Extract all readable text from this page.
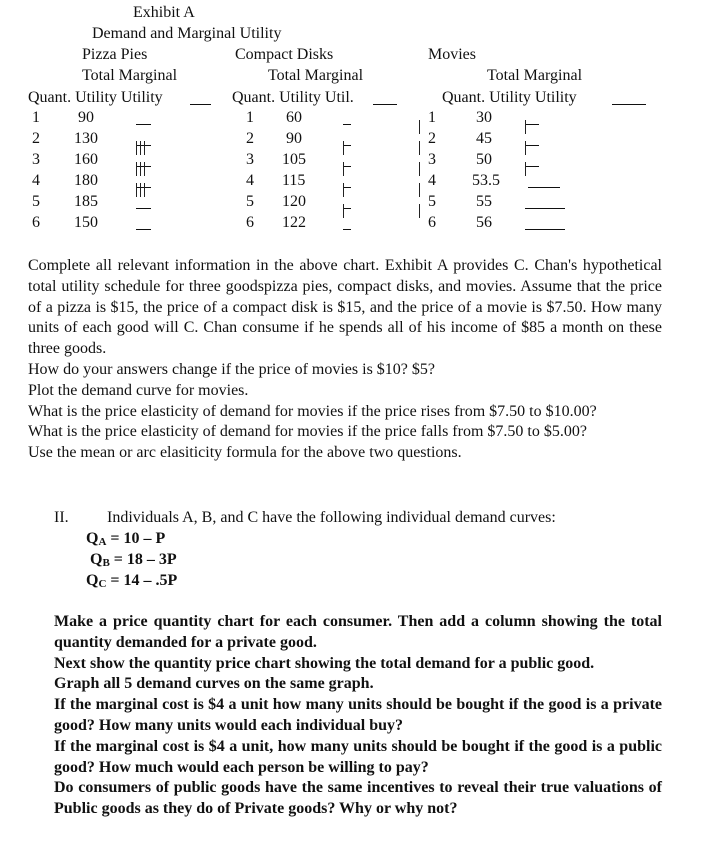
Exhibit A
Demand and Marginal Utility
Pizza Pies
Total Marginal
Quant. Utility Utility
Compact Disks
Total Marginal
Quant. Utility Util.
Movies
Total Marginal
Quant. Utility Utility
1 90
2 130
3 160
4 180
5 185
6 150
1 60
2 90
3 105
4 115
5 120
6 122
1	30
2	45
3	50
4 53.5
5	55
6	56

Complete all relevant information in the above chart. Exhibit A provides C. Chan's hypothetical total utility schedule for three goodspizza pies, compact disks, and movies. Assume that the price of a pizza is $15, the price of a compact disk is $15, and the price of a movie is $7.50. How many units of each good will C. Chan consume if he spends all of his income of $85 a month on these three goods.

How do your answers change if the price of movies is $10? $5?

Plot the demand curve for movies.

What is the price elasticity of demand for movies if the price rises from $7.50 to $10.00?

What is the price elasticity of demand for movies if the price falls from $7.50 to $5.00?

Use the mean or arc elasiticity formula for the above two questions.

II. Individuals A, B, and C have the following individual demand curves:
$Q_A = 10 - P$
$Q_B = 18 - 3P$
$Q_C = 14 - .5P$

Make a price quantity chart for each consumer. Then add a column showing the total quantity demanded for a private good.

Next show the quantity price chart showing the total demand for a public good.

Graph all 5 demand curves on the same graph.

If the marginal cost is $4 a unit how many units should be bought if the good is a private good? How many units would each individual buy?

If the marginal cost is $4 a unit, how many units should be bought if the good is a public good? How much would each person be willing to pay?

Do consumers of public goods have the same incentives to reveal their true valuations of Public goods as they do of Private goods? Why or why not?
